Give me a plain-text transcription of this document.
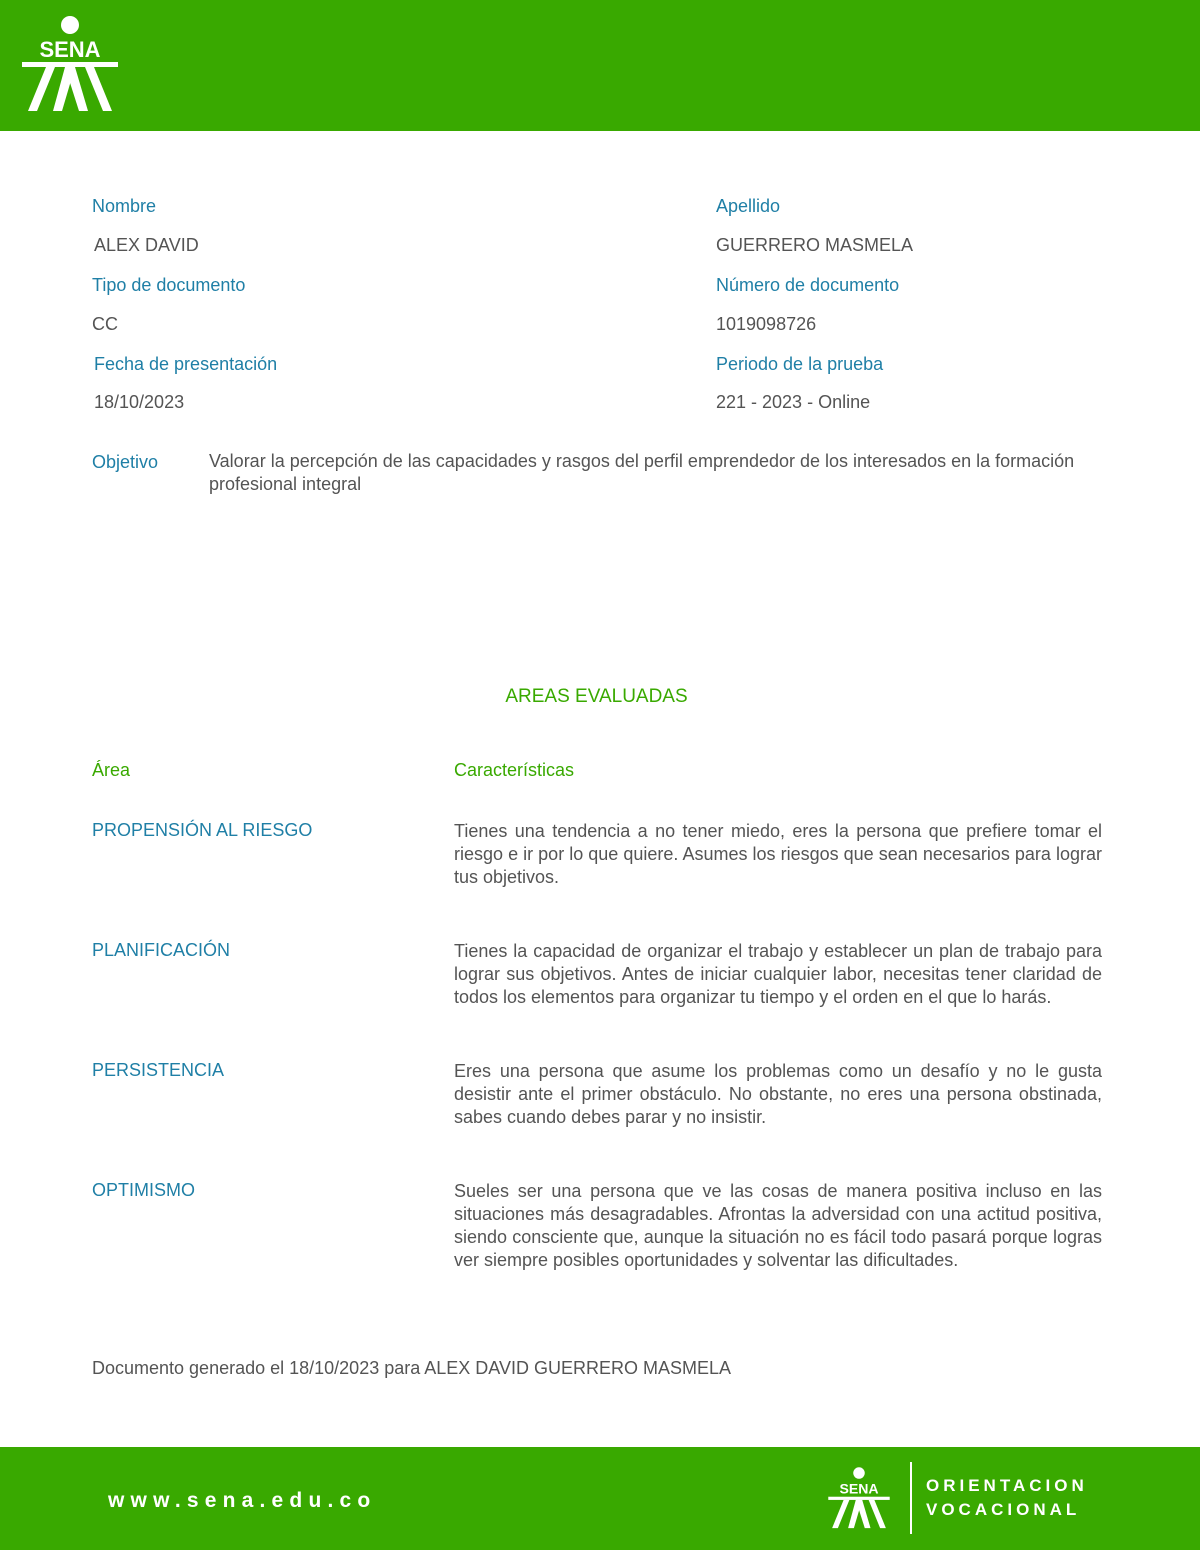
SENA
Nombre
ALEX DAVID
Apellido
GUERRERO MASMELA
Tipo de documento
CC
Número de documento
1019098726
Fecha de presentación
18/10/2023
Periodo de la prueba
221 - 2023 - Online
Objetivo	Valorar la percepción de las capacidades y rasgos del perfil emprendedor de los interesados en la formación profesional integral
AREAS EVALUADAS
Área	Características
PROPENSIÓN AL RIESGO	Tienes una tendencia a no tener miedo, eres la persona que prefiere tomar el riesgo e ir por lo que quiere. Asumes los riesgos que sean necesarios para lograr tus objetivos.
PLANIFICACIÓN	Tienes la capacidad de organizar el trabajo y establecer un plan de trabajo para lograr sus objetivos. Antes de iniciar cualquier labor, necesitas tener claridad de todos los elementos para organizar tu tiempo y el orden en el que lo harás.
PERSISTENCIA	Eres una persona que asume los problemas como un desafío y no le gusta desistir ante el primer obstáculo. No obstante, no eres una persona obstinada, sabes cuando debes parar y no insistir.
OPTIMISMO	Sueles ser una persona que ve las cosas de manera positiva incluso en las situaciones más desagradables. Afrontas la adversidad con una actitud positiva, siendo consciente que, aunque la situación no es fácil todo pasará porque logras ver siempre posibles oportunidades y solventar las dificultades.
Documento generado el 18/10/2023 para ALEX DAVID GUERRERO MASMELA
www.sena.edu.co
SENA	ORIENTACION
VOCACIONAL
